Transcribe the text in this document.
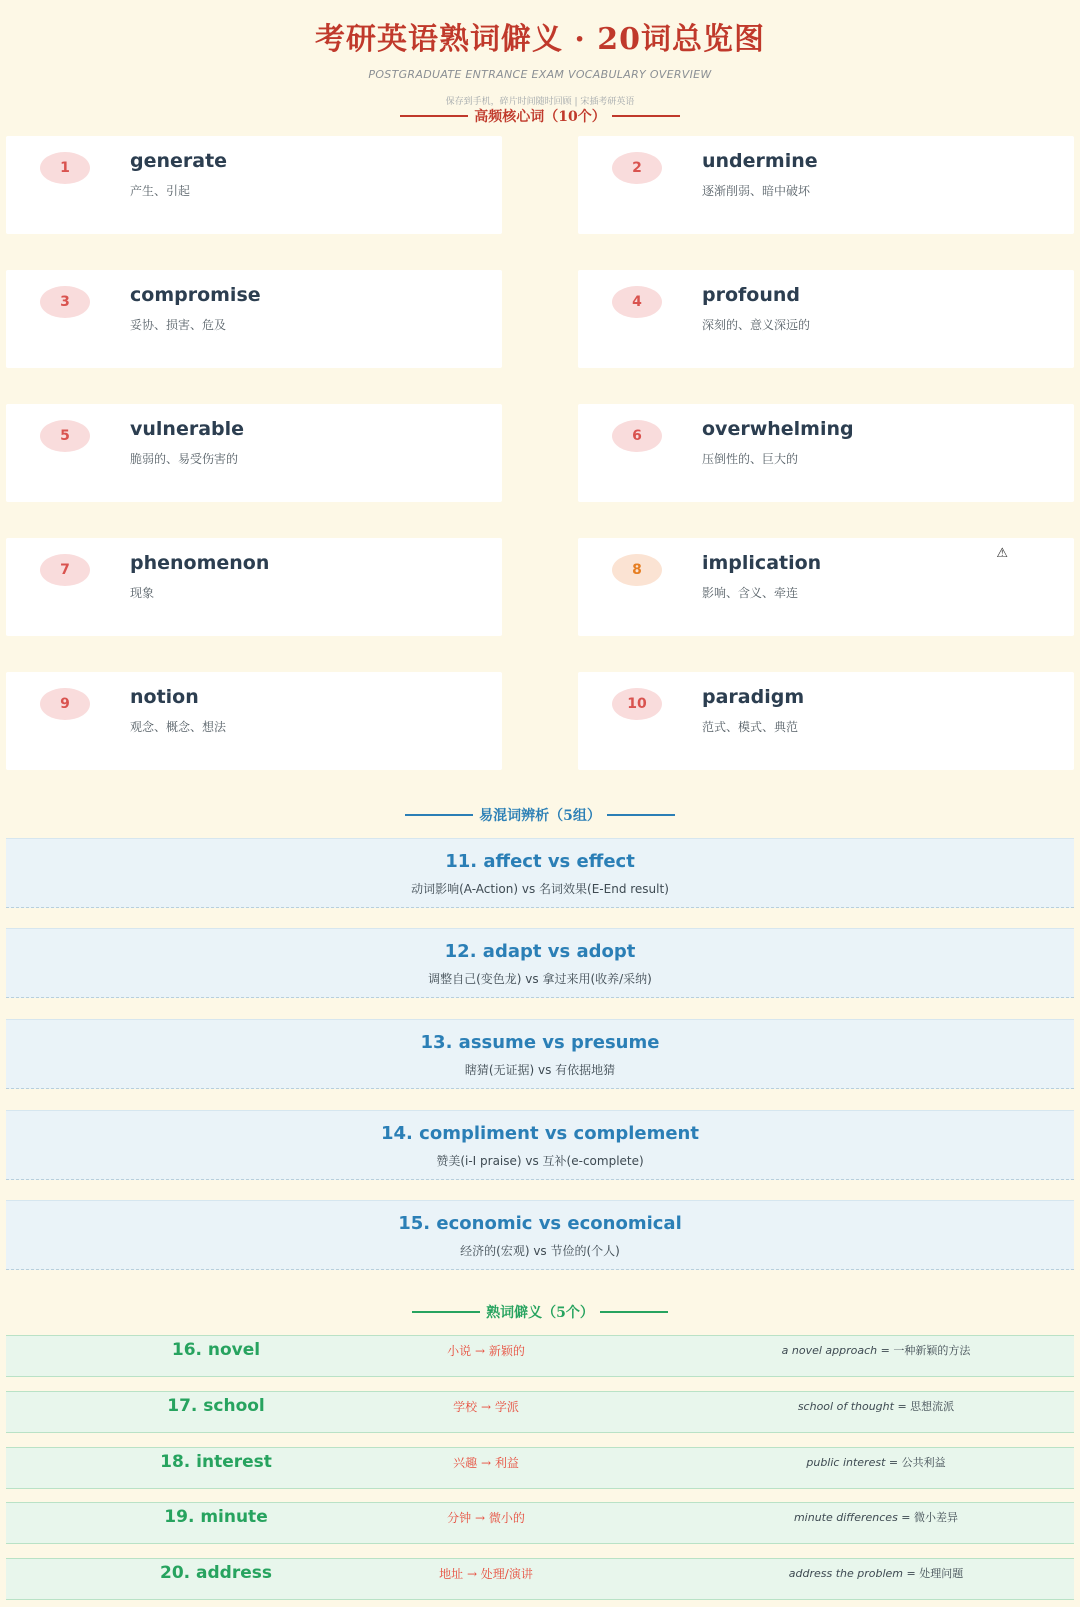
考研英语熟词僻义 · 20词总览图
POSTGRADUATE ENTRANCE EXAM VOCABULARY OVERVIEW
保存到手机，碎片时间随时回顾 | 宋插考研英语
高频核心词（10个）
1	generate
产生、引起
2	undermine
逐渐削弱、暗中破坏
3	compromise
妥协、损害、危及
4	profound
深刻的、意义深远的
5	vulnerable
脆弱的、易受伤害的
6	overwhelming
压倒性的、巨大的
7	phenomenon
现象
8	implication
影响、含义、牵连
⚠
9	notion
观念、概念、想法
10	paradigm
范式、模式、典范
易混词辨析（5组）
11. affect vs effect
动词影响(A-Action) vs 名词效果(E-End result)
12. adapt vs adopt
调整自己(变色龙) vs 拿过来用(收养/采纳)
13. assume vs presume
瞎猜(无证据) vs 有依据地猜
14. compliment vs complement
赞美(i-I praise) vs 互补(e-complete)
15. economic vs economical
经济的(宏观) vs 节俭的(个人)
熟词僻义（5个）
16. novel	小说 → 新颖的	a novel approach = 一种新颖的方法
17. school	学校 → 学派	school of thought = 思想流派
18. interest	兴趣 → 利益	public interest = 公共利益
19. minute	分钟 → 微小的	minute differences = 微小差异
20. address	地址 → 处理/演讲	address the problem = 处理问题
